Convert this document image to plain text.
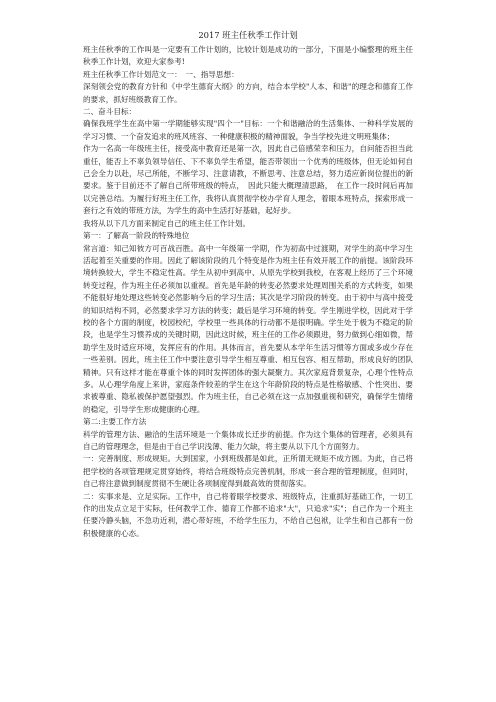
2017 班主任秋季工作计划

班主任秋季的工作叫是一定要有工作计划的，比较计划是成功的一部分，下面是小编整理的班主任秋季工作计划，欢迎大家参考!

班主任秋季工作计划范文一：　一、指导思想：

深刻领会党的教育方针和《中学生德育大纲》的方向，结合本学校"人本、和谐"的理念和德育工作的要求，抓好班级教育工作。

二、奋斗目标：

确保我班学生在高中第一学期能够实现"四个一"目标：一个和谐融洽的生活集体、一种科学发展的学习习惯、一个奋发追求的班风班容、一种健康积极的精神面貌，争当学校先进文明班集体；

作为一名高一年级班主任，接受高中教育还是第一次，因此自己倍感荣幸和压力，自问能否担当此重任，能否上不辜负领导信任、下不辜负学生希望，能否带领出一个优秀的班级体，但无论如何自己会全力以赴，尽己所能，不断学习、注意请教，不断思考、注意总结，努力适应新岗位提出的新要求。鉴于目前还不了解自己所带班级的特点，　因此只能大概理清思路，　在工作一段时间后再加以完善总结。为履行好班主任工作，我将认真贯彻学校办学育人理念，着眼本班特点，探索形成一套行之有效的带班方法，为学生的高中生活打好基础，起好步。

我将从以下几方面来制定自己的班主任工作计划。

第一：了解高一阶段的特殊地位

常言道：知己知彼方可百战百胜。高中一年级第一学期，作为初高中过渡期，对学生的高中学习生活起着至关重要的作用。因此了解该阶段的几个特变是作为班主任有效开展工作的前提。该阶段环境转换较大，学生不稳定性高。学生从初中到高中、从原先学校到我校，在客观上经历了三个环境转变过程，作为班主任必须加以重视。首先是年龄的转变必然要求处理周围关系的方式转变，如果不能很好地处理这些转变必然影响今后的学习生活；其次是学习阶段的转变。由于初中与高中接受的知识结构不同，必然要求学习方法的转变；最后是学习环境的转变。学生刚进学校，因此对于学校的各个方面的制度，校园校纪，学校里一些具体的行动都不是很明确。学生处于极为不稳定的阶段，也是学生习惯养成的关键时期，因此这时候，班主任的工作必须跟进，努力做到心细如微，帮助学生及时适应环境，发挥应有的作用。具体而言，首先要从本学年生活习惯等方面或多或少存在一些差别。因此，班主任工作中要注意引导学生相互尊重、相互包容、相互帮助，形成良好的团队精神。只有这样才能在尊重个体的同时发挥团体的强大凝聚力。其次家庭背景复杂，心理个性特点多。从心理学角度上来讲，家庭条件较差的学生在这个年龄阶段的特点是性格敏感、个性突出、要求被尊重、隐私被保护愿望强烈。作为班主任，自己必须在这一点加强重视和研究，确保学生情绪的稳定，引导学生形成健康的心理。

第二:主要工作方法

科学的管理方法、融洽的生活环境是一个集体成长迁步的前提。作为这个集体的管理者，必须具有自己的管理理念，但是由于自己学识浅薄、能力欠缺，将主要从以下几个方面努力。

一：完善制度、形成规矩。大到国家，小到班级都是如此，正所谓无规矩不成方圆。为此，自己将把学校的各项管理规定贯穿始终，将结合班级特点完善机制，形成一套合理的管理制度，但同时，自己将注意做到制度贯彻不生硬让各项制度得到最高效的贯彻落实。

二：实事求是、立足实际。工作中，自己将着眼学校要求、班级特点，注重抓好基础工作，一切工作的出发点立足于实际，任何教学工作、德育工作都不追求"大"，只追求"实"；自己作为一个班主任要冷静头脑，不急功近利，潜心带好班，不给学生压力，不给自己包袱，让学生和自己都有一份积极健康的心态。
